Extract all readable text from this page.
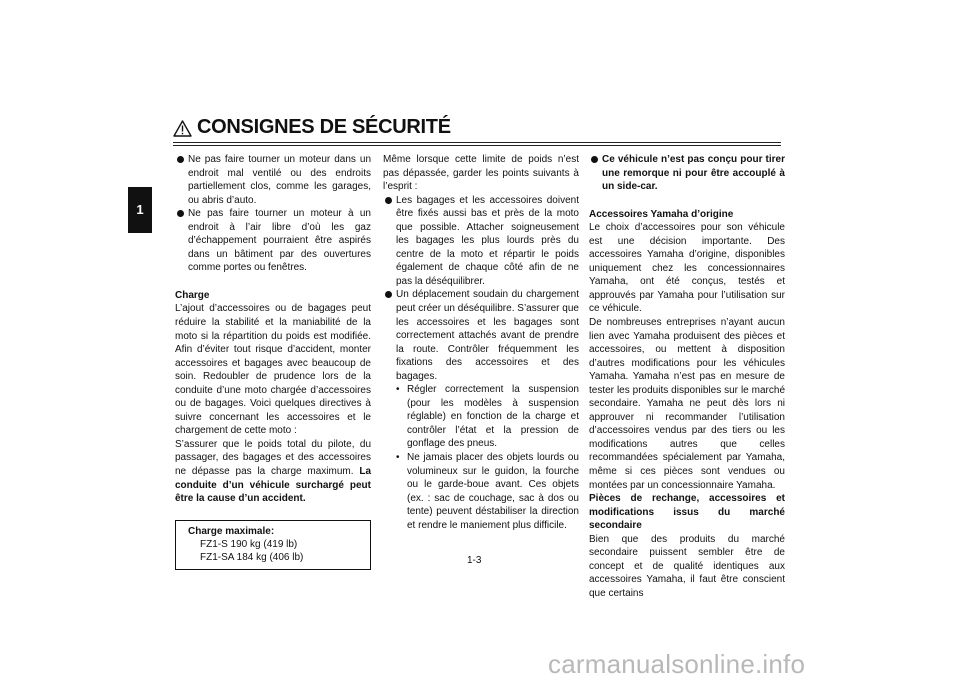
CONSIGNES DE SÉCURITÉ
1
Ne pas faire tourner un moteur dans un endroit mal ventilé ou des endroits partiellement clos, comme les garages, ou abris d’auto.
Ne pas faire tourner un moteur à un endroit à l’air libre d’où les gaz d’échappement pourraient être aspirés dans un bâtiment par des ouvertures comme portes ou fenêtres.
Charge
L’ajout d’accessoires ou de bagages peut réduire la stabilité et la maniabilité de la moto si la répartition du poids est modifiée. Afin d’éviter tout risque d’accident, monter accessoires et bagages avec beaucoup de soin. Redoubler de prudence lors de la conduite d’une moto chargée d’accessoires ou de bagages. Voici quelques directives à suivre concernant les accessoires et le chargement de cette moto :
S’assurer que le poids total du pilote, du passager, des bagages et des accessoires ne dépasse pas la charge maximum. La conduite d’un véhicule surchargé peut être la cause d’un accident.
Charge maximale:
FZ1-S 190 kg (419 lb)
FZ1-SA 184 kg (406 lb)
Même lorsque cette limite de poids n’est pas dépassée, garder les points suivants à l’esprit :
Les bagages et les accessoires doivent être fixés aussi bas et près de la moto que possible. Attacher soigneusement les bagages les plus lourds près du centre de la moto et répartir le poids également de chaque côté afin de ne pas la déséquilibrer.
Un déplacement soudain du chargement peut créer un déséquilibre. S’assurer que les accessoires et les bagages sont correctement attachés avant de prendre la route. Contrôler fréquemment les fixations des accessoires et des bagages.
• Régler correctement la suspension (pour les modèles à suspension réglable) en fonction de la charge et contrôler l’état et la pression de gonflage des pneus.
• Ne jamais placer des objets lourds ou volumineux sur le guidon, la fourche ou le garde-boue avant. Ces objets (ex. : sac de couchage, sac à dos ou tente) peuvent déstabiliser la direction et rendre le maniement plus difficile.
Ce véhicule n’est pas conçu pour tirer une remorque ni pour être accouplé à un side-car.
Accessoires Yamaha d’origine
Le choix d’accessoires pour son véhicule est une décision importante. Des accessoires Yamaha d’origine, disponibles uniquement chez les concessionnaires Yamaha, ont été conçus, testés et approuvés par Yamaha pour l’utilisation sur ce véhicule.
De nombreuses entreprises n’ayant aucun lien avec Yamaha produisent des pièces et accessoires, ou mettent à disposition d’autres modifications pour les véhicules Yamaha. Yamaha n’est pas en mesure de tester les produits disponibles sur le marché secondaire. Yamaha ne peut dès lors ni approuver ni recommander l’utilisation d’accessoires vendus par des tiers ou les modifications autres que celles recommandées spécialement par Yamaha, même si ces pièces sont vendues ou montées par un concessionnaire Yamaha.
Pièces de rechange, accessoires et modifications issus du marché secondaire
Bien que des produits du marché secondaire puissent sembler être de concept et de qualité identiques aux accessoires Yamaha, il faut être conscient que certains
1-3
carmanualsonline.info
